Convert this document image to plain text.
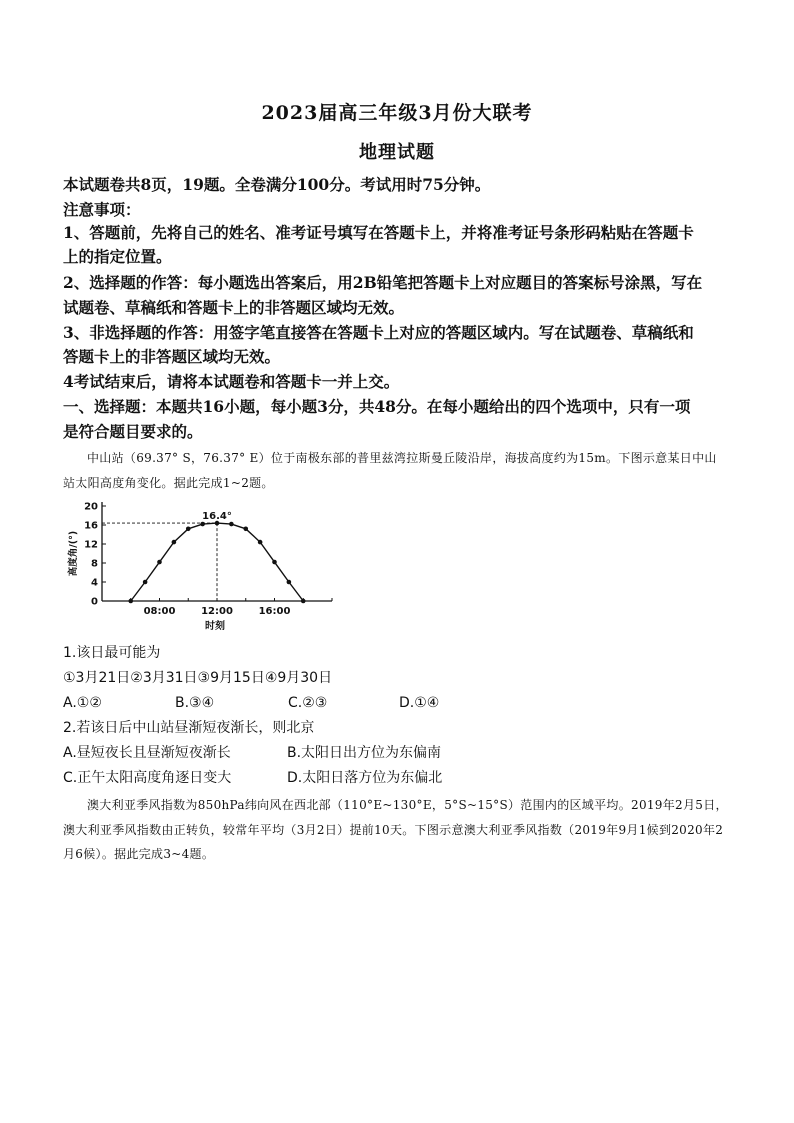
2023届高三年级3月份大联考
地理试题
本试题卷共8页，19题。全卷满分100分。考试用时75分钟。
注意事项：
1、答题前，先将自己的姓名、准考证号填写在答题卡上，并将准考证号条形码粘贴在答题卡
上的指定位置。
2、选择题的作答：每小题选出答案后，用2B铅笔把答题卡上对应题目的答案标号涂黑，写在
试题卷、草稿纸和答题卡上的非答题区域均无效。
3、非选择题的作答：用签字笔直接答在答题卡上对应的答题区域内。写在试题卷、草稿纸和
答题卡上的非答题区域均无效。
4考试结束后，请将本试题卷和答题卡一并上交。
一、选择题：本题共16小题，每小题3分，共48分。在每小题给出的四个选项中，只有一项
是符合题目要求的。
中山站（69.37° S，76.37° E）位于南极东部的普里兹湾拉斯曼丘陵沿岸，海拔高度约为15m。下图示意某日中山站太阳高度角变化。据此完成1~2题。
0
4
8
12
16
20
08:00	12:00	16:00
时刻
高度角/(°)
16.4°
1.该日最可能为
①3月21日②3月31日③9月15日④9月30日
A.①②	B.③④	C.②③	D.①④
2.若该日后中山站昼渐短夜渐长，则北京
A.昼短夜长且昼渐短夜渐长	B.太阳日出方位为东偏南
C.正午太阳高度角逐日变大	D.太阳日落方位为东偏北
澳大利亚季风指数为850hPa纬向风在西北部（110°E~130°E，5°S~15°S）范围内的区域平均。2019年2月5日，澳大利亚季风指数由正转负，较常年平均（3月2日）提前10天。下图示意澳大利亚季风指数（2019年9月1候到2020年2月6候）。据此完成3~4题。
